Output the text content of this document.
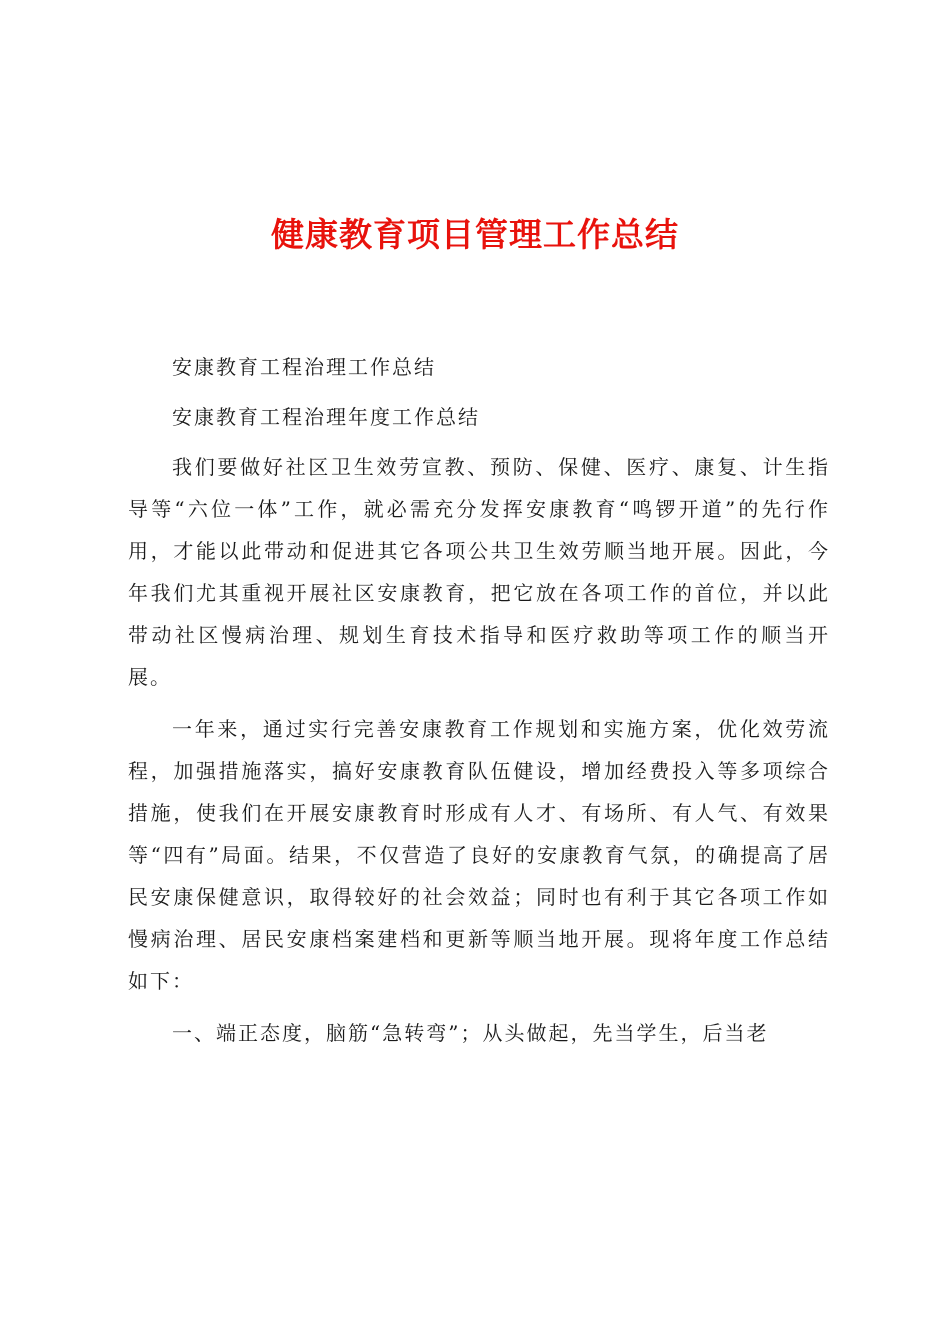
健康教育项目管理工作总结

安康教育工程治理工作总结

安康教育工程治理年度工作总结

我们要做好社区卫生效劳宣教、预防、保健、医疗、康复、计生指导等“六位一体”工作，就必需充分发挥安康教育“鸣锣开道”的先行作用，才能以此带动和促进其它各项公共卫生效劳顺当地开展。因此，今年我们尤其重视开展社区安康教育，把它放在各项工作的首位，并以此带动社区慢病治理、规划生育技术指导和医疗救助等项工作的顺当开展。

一年来，通过实行完善安康教育工作规划和实施方案，优化效劳流程，加强措施落实，搞好安康教育队伍健设，增加经费投入等多项综合措施，使我们在开展安康教育时形成有人才、有场所、有人气、有效果等“四有”局面。结果，不仅营造了良好的安康教育气氛，的确提高了居民安康保健意识，取得较好的社会效益；同时也有利于其它各项工作如慢病治理、居民安康档案建档和更新等顺当地开展。现将年度工作总结如下：

一、端正态度，脑筋“急转弯”；从头做起，先当学生，后当老
